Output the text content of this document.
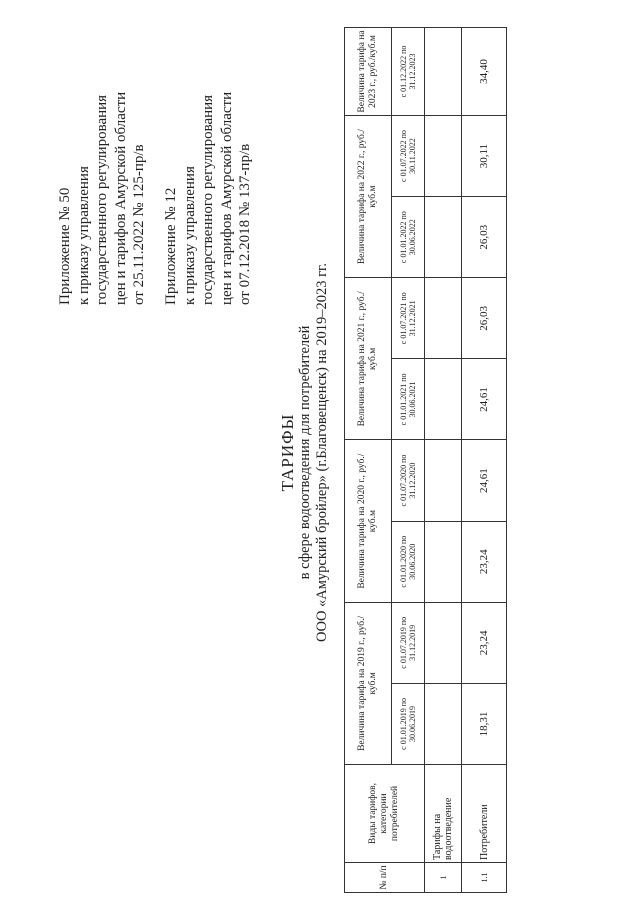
Приложение № 50 к приказу управления государственного регулирования цен и тарифов Амурской области от 25.11.2022 № 125-пр/в Приложение № 12 к приказу управления государственного регулирования цен и тарифов Амурской области от 07.12.2018 № 137-пр/в
ТАРИФЫ в сфере водоотведения для потребителей ООО «Амурский бройлер» (г.Благовещенск) на 2019–2023 гг.
№ п/п	Виды тарифов, категории потребителей	Величина тарифа на 2019 г., руб./куб.м		Величина тарифа на 2020 г., руб./куб.м		Величина тарифа на 2021 г., руб./куб.м		Величина тарифа на 2022 г., руб./куб.м		Величина тарифа на 2023 г., руб./куб.м
		с 01.01.2019 по 30.06.2019	с 01.07.2019 по 31.12.2019	с 01.01.2020 по 30.06.2020	с 01.07.2020 по 31.12.2020	с 01.01.2021 по 30.06.2021	с 01.07.2021 по 31.12.2021	с 01.01.2022 по 30.06.2022	с 01.07.2022 по 30.11.2022	с 01.12.2022 по 31.12.2023
1	Тарифы на водоотведение									
1.1	Потребители	18,31	23,24	23,24	24,61	24,61	26,03	26,03	30,11	34,40
